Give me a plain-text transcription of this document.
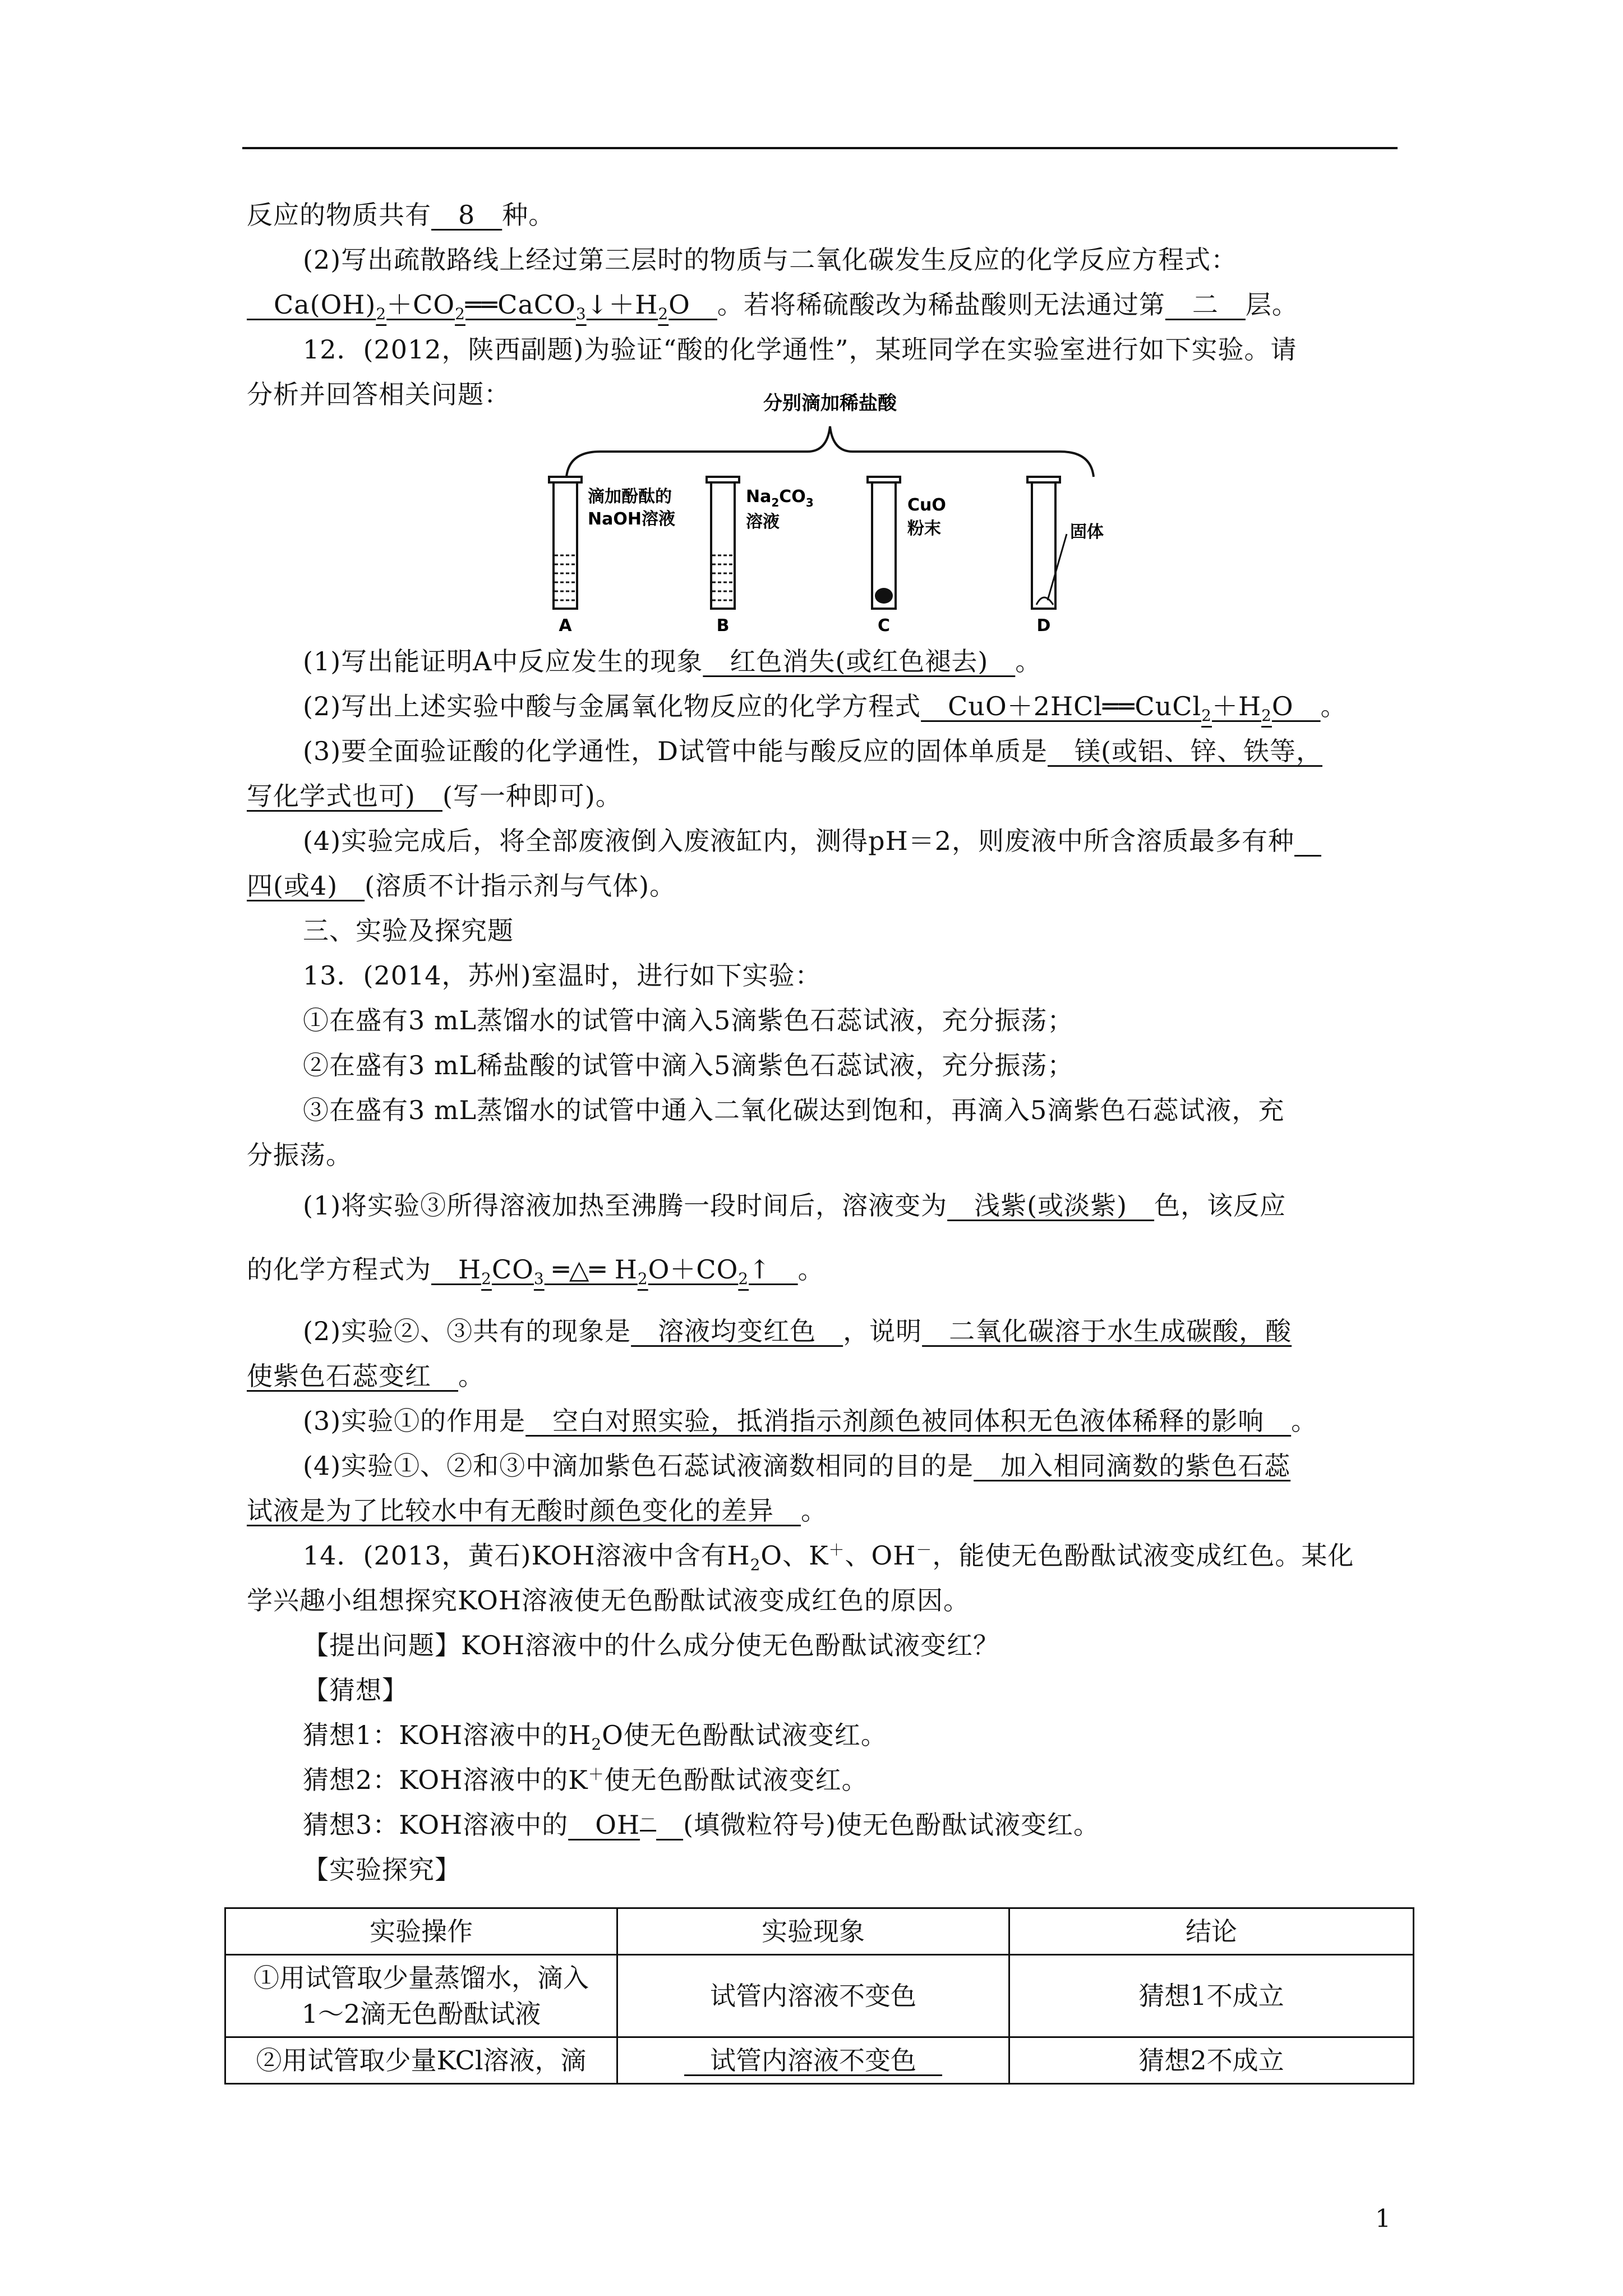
反应的物质共有__8__种。
(2)写出疏散路线上经过第三层时的物质与二氧化碳发生反应的化学反应方程式：
$\_\_Ca(OH)_2+CO_2══CaCO_3↓+H_2O\_\_$。若将稀硫酸改为稀盐酸则无法通过第__二__层。
12．(2012，陕西副题)为验证“酸的化学通性”，某班同学在实验室进行如下实验。请
分析并回答相关问题：
(1)写出能证明A中反应发生的现象__红色消失(或红色褪去)__。
(2)写出上述实验中酸与金属氧化物反应的化学方程式$\_\_CuO+2HCl══CuCl_2+H_2O\_\_$。
(3)要全面验证酸的化学通性，D试管中能与酸反应的固体单质是__镁(或铝、锌、铁等，
写化学式也可)__(写一种即可)。
(4)实验完成后，将全部废液倒入废液缸内，测得pH＝2，则废液中所含溶质最多有种__
四(或4)__(溶质不计指示剂与气体)。
三、实验及探究题
13．(2014，苏州)室温时，进行如下实验：
①在盛有3 mL蒸馏水的试管中滴入5滴紫色石蕊试液，充分振荡；
②在盛有3 mL稀盐酸的试管中滴入5滴紫色石蕊试液，充分振荡；
③在盛有3 mL蒸馏水的试管中通入二氧化碳达到饱和，再滴入5滴紫色石蕊试液，充
分振荡。
(1)将实验③所得溶液加热至沸腾一段时间后，溶液变为__浅紫(或淡紫)__色，该反应
的化学方程式为$\_\_H_2CO_3$ ═△═ $H_2O+CO_2↑\_\_$。
(2)实验②、③共有的现象是__溶液均变红色__，说明__二氧化碳溶于水生成碳酸，酸
使紫色石蕊变红__。
(3)实验①的作用是__空白对照实验，抵消指示剂颜色被同体积无色液体稀释的影响__。
(4)实验①、②和③中滴加紫色石蕊试液滴数相同的目的是__加入相同滴数的紫色石蕊
试液是为了比较水中有无酸时颜色变化的差异__。
14．(2013，黄石)KOH溶液中含有$H_2O$、K＋、OH－，能使无色酚酞试液变成红色。某化
学兴趣小组想探究KOH溶液使无色酚酞试液变成红色的原因。
【提出问题】KOH溶液中的什么成分使无色酚酞试液变红？
【猜想】
猜想1：KOH溶液中的$H_2O$使无色酚酞试液变红。
猜想2：KOH溶液中的K＋使无色酚酞试液变红。
猜想3：KOH溶液中的__OH－__(填微粒符号)使无色酚酞试液变红。
【实验探究】
分别滴加稀盐酸
滴加酚酞的
NaOH溶液
A
$Na_2CO_3$
溶液
B
CuO
粉末
C
固体
D
实验操作	实验现象	结论
①用试管取少量蒸馏水，滴入
1～2滴无色酚酞试液	试管内溶液不变色	猜想1不成立
②用试管取少量KCl溶液，滴	__试管内溶液不变色__	猜想2不成立
1
